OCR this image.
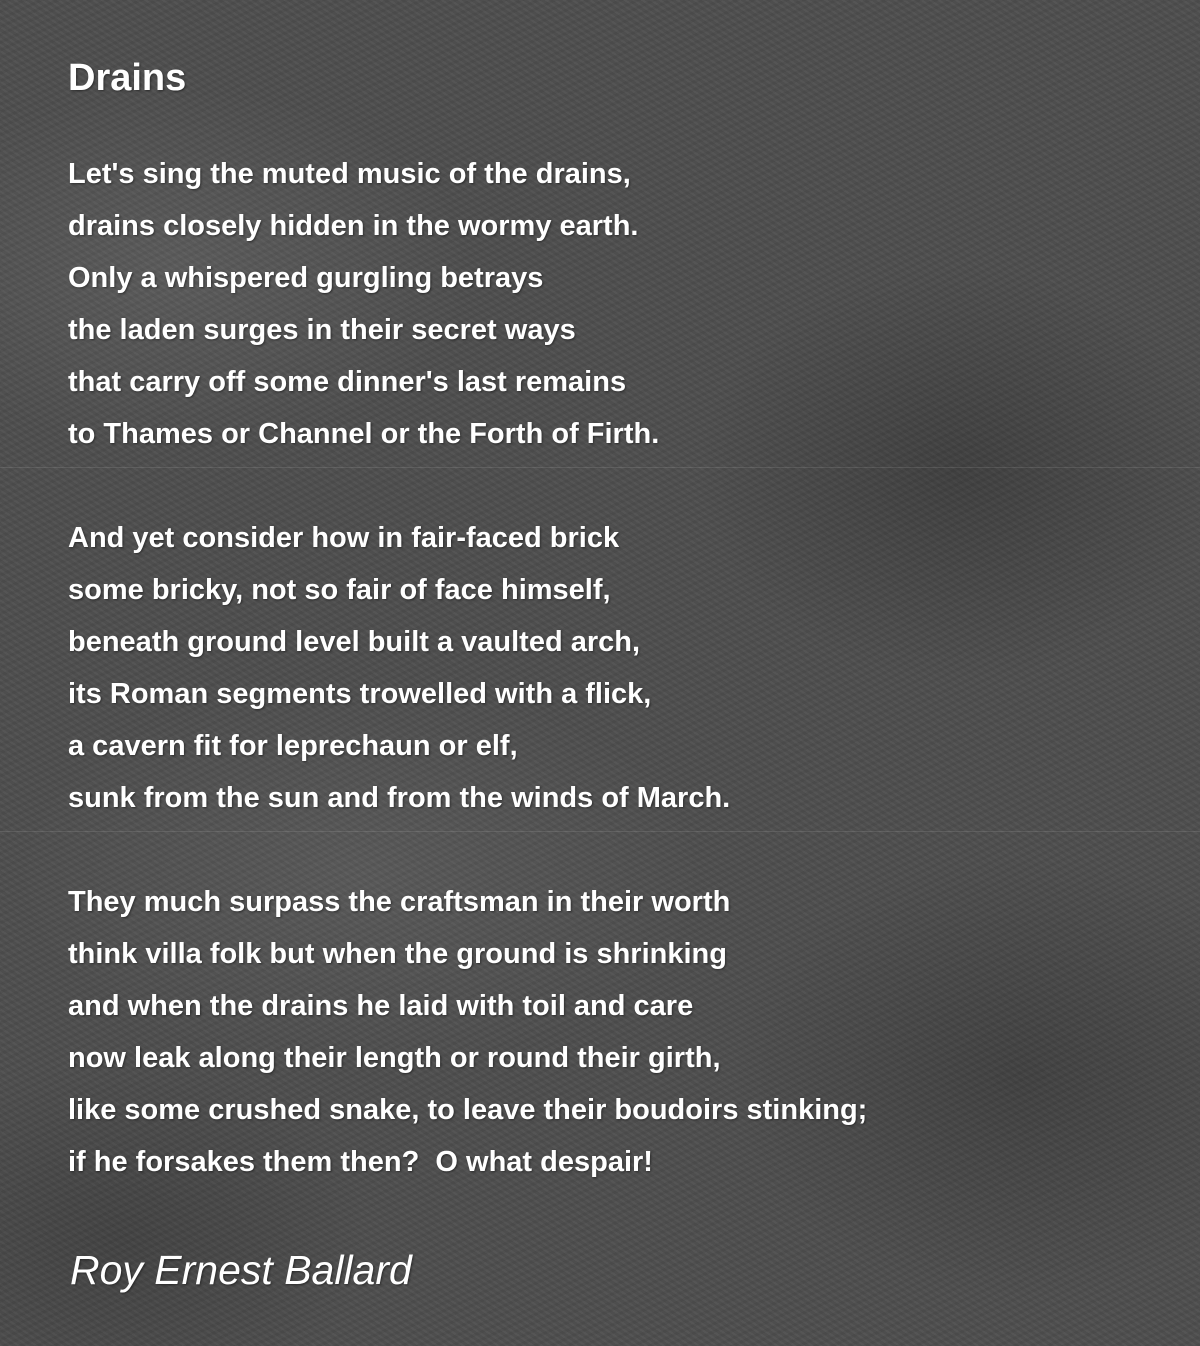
Drains
Let's sing the muted music of the drains,
drains closely hidden in the wormy earth.
Only a whispered gurgling betrays
the laden surges in their secret ways
that carry off some dinner's last remains
to Thames or Channel or the Forth of Firth.
And yet consider how in fair-faced brick
some bricky, not so fair of face himself,
beneath ground level built a vaulted arch,
its Roman segments trowelled with a flick,
a cavern fit for leprechaun or elf,
sunk from the sun and from the winds of March.
They much surpass the craftsman in their worth
think villa folk but when the ground is shrinking
and when the drains he laid with toil and care
now leak along their length or round their girth,
like some crushed snake, to leave their boudoirs stinking;
if he forsakes them then?  O what despair!
Roy Ernest Ballard
